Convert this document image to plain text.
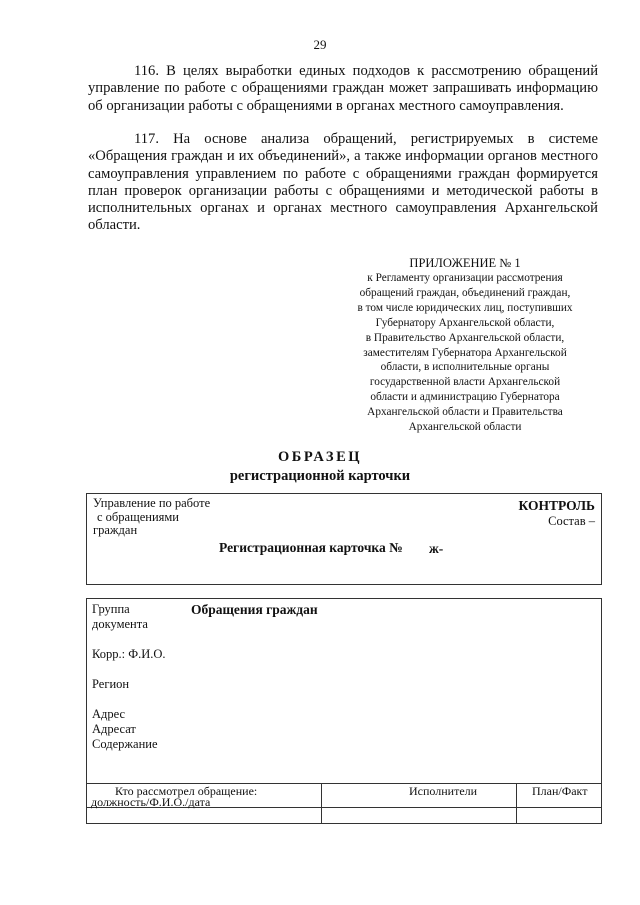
29
116. В целях выработки единых подходов к рассмотрению обращений управление по работе с обращениями граждан может запрашивать информацию об организации работы с обращениями в органах местного самоуправления.
117. На основе анализа обращений, регистрируемых в системе «Обращения граждан и их объединений», а также информации органов местного самоуправления управлением по работе с обращениями граждан формируется план проверок организации работы с обращениями и методической работы в исполнительных органах и органах местного самоуправления Архангельской области.
ПРИЛОЖЕНИЕ № 1
к Регламенту организации рассмотрения
обращений граждан, объединений граждан,
в том числе юридических лиц, поступивших
Губернатору Архангельской области,
в Правительство Архангельской области,
заместителям Губернатора Архангельской
области, в исполнительные органы
государственной власти Архангельской
области и администрацию Губернатора
Архангельской области и Правительства
Архангельской области
ОБРАЗЕЦ
регистрационной карточки
Управление по работе
с обращениями
граждан
КОНТРОЛЬ
Состав –
Регистрационная карточка № ж-
Группа	Обращения граждан
документа
Корр.: Ф.И.О.
Регион
Адрес
Адресат
Содержание
Кто рассмотрел обращение:
должность/Ф.И.О./дата
Исполнители	План/Факт
